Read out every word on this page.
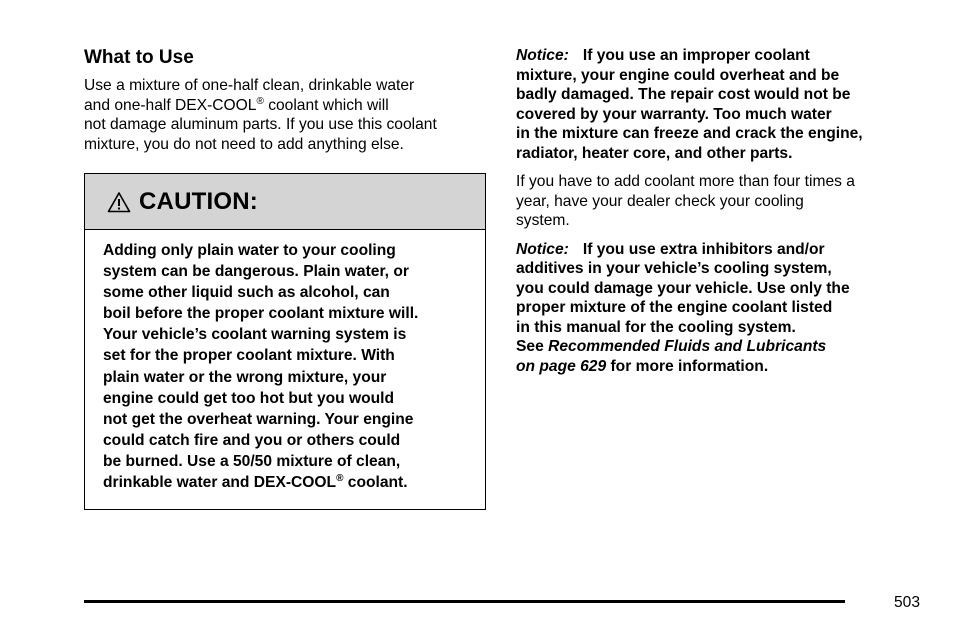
What to Use

Use a mixture of one-half clean, drinkable water
and one-half DEX-COOL® coolant which will
not damage aluminum parts. If you use this coolant
mixture, you do not need to add anything else.

CAUTION:
Adding only plain water to your cooling
system can be dangerous. Plain water, or
some other liquid such as alcohol, can
boil before the proper coolant mixture will.
Your vehicle’s coolant warning system is
set for the proper coolant mixture. With
plain water or the wrong mixture, your
engine could get too hot but you would
not get the overheat warning. Your engine
could catch fire and you or others could
be burned. Use a 50/50 mixture of clean,
drinkable water and DEX-COOL® coolant.

Notice: If you use an improper coolant
mixture, your engine could overheat and be
badly damaged. The repair cost would not be
covered by your warranty. Too much water
in the mixture can freeze and crack the engine,
radiator, heater core, and other parts.

If you have to add coolant more than four times a
year, have your dealer check your cooling
system.

Notice: If you use extra inhibitors and/or
additives in your vehicle’s cooling system,
you could damage your vehicle. Use only the
proper mixture of the engine coolant listed
in this manual for the cooling system.
See Recommended Fluids and Lubricants
on page 629 for more information.

503
